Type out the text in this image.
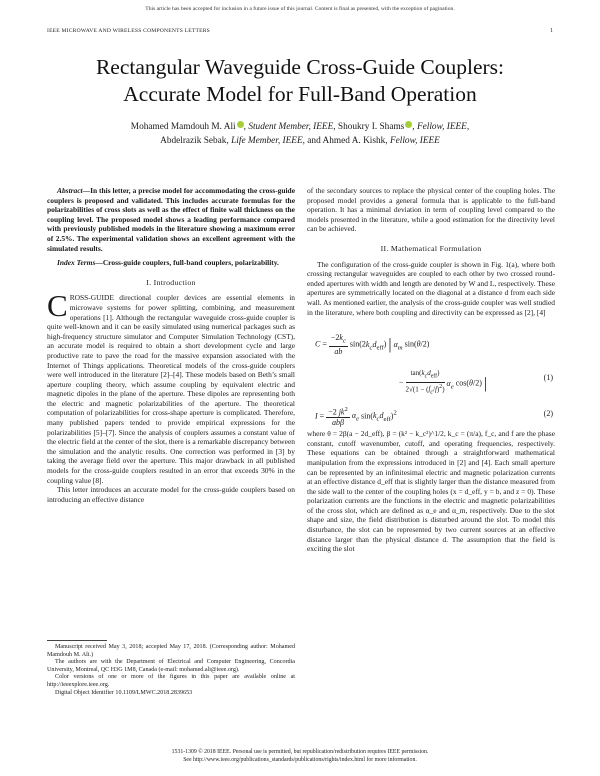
This article has been accepted for inclusion in a future issue of this journal. Content is final as presented, with the exception of pagination.
IEEE MICROWAVE AND WIRELESS COMPONENTS LETTERS	1
Rectangular Waveguide Cross-Guide Couplers:
Accurate Model for Full-Band Operation
Mohamed Mamdouh M. Ali , Student Member, IEEE, Shoukry I. Shams , Fellow, IEEE,
Abdelrazik Sebak, Life Member, IEEE, and Ahmed A. Kishk, Fellow, IEEE

Abstract—In this letter, a precise model for accommodating the cross-guide couplers is proposed and validated. This includes accurate formulas for the polarizabilities of cross slots as well as the effect of finite wall thickness on the coupling level. The proposed model shows a leading performance compared with previously published models in the literature showing a maximum error of 2.5%. The experimental validation shows an excellent agreement with the simulated results.

Index Terms—Cross-guide couplers, full-band couplers, polarizability.

I. Introduction

CROSS-GUIDE directional coupler devices are essential elements in microwave systems for power splitting, combining, and measurement operations [1]. Although the rectangular waveguide cross-guide coupler is quite well-known and it can be easily simulated using numerical packages such as high-frequency structure simulator and Computer Simulation Technology (CST), an accurate model is required to obtain a short development cycle and large productive rate to pave the road for the massive expansion associated with the Internet of Things applications. Theoretical models of the cross-guide couplers were well introduced in the literature [2]–[4]. These models based on Beth’s small aperture coupling theory, which assume coupling by equivalent electric and magnetic dipoles in the plane of the aperture. These dipoles are representing both the electric and magnetic polarizabilities of the aperture. The theoretical computation of polarizabilities for cross-shape aperture is complicated. Therefore, many published papers tended to provide empirical expressions for the polarizabilities [5]–[7]. Since the analysis of couplers assumes a constant value of the electric field at the center of the slot, there is a remarkable discrepancy between the simulation and the analytic results. One correction was performed in [3] by taking the average field over the aperture. This major drawback in all published models for the cross-guide couplers resulted in an error that exceeds 30% in the coupling value [8].

This letter introduces an accurate model for the cross-guide couplers based on introducing an effective distance

Manuscript received May 3, 2018; accepted May 17, 2018. (Corresponding author: Mohamed Mamdouh M. Ali.)

The authors are with the Department of Electrical and Computer Engineering, Concordia University, Montreal, QC H3G 1M8, Canada (e-mail: mohamed.ali@ieee.org).

Color versions of one or more of the figures in this paper are available online at http://ieeexplore.ieee.org.

Digital Object Identifier 10.1109/LMWC.2018.2839653

of the secondary sources to replace the physical center of the coupling holes. The proposed model provides a general formula that is applicable to the full-band operation. It has a minimal deviation in term of coupling level compared to the models presented in the literature, while a good estimation for the directivity level can be achieved.

II. Mathematical Formulation

The configuration of the cross-guide coupler is shown in Fig. 1(a), where both crossing rectangular waveguides are coupled to each other by two crossed round-ended apertures with width and length are denoted by W and L, respectively. These apertures are symmetrically located on the diagonal at a distance d from each side wall. As mentioned earlier, the analysis of the cross-guide coupler was well studied in the literature, where both coupling and directivity can be expressed as [2], [4]

$C = \frac{-2k_c}{ab} \sin(2k_cd_{eff})$ | $\alpha_m$ sin(θ/2)
−
$\tan(k_cd_{eff})$
$2√(1 - (f_c/f)^2)$
$\alpha_e$ cos(θ/2) |	(1)
I = −2 $jk^2$
abβ
$\alpha_e$ $\sin(k_cd_{eff})^2$	(2)

where θ = 2β(a − 2d_eff), β = (k² − k_c²)^1/2, k_c = (π/a), f_c, and f are the phase constant, cutoff wavenumber, cutoff, and operating frequencies, respectively. These equations can be obtained through a straightforward mathematical manipulation from the expressions introduced in [2] and [4]. Each small aperture can be represented by an infinitesimal electric and magnetic polarization currents at an effective distance d_eff that is slightly larger than the distance measured from the side wall to the center of the coupling holes (x = d_eff, y = b, and z = 0). These polarization currents are the functions in the electric and magnetic polarizabilities of the cross slot, which are defined as α_e and α_m, respectively. Due to the slot shape and size, the field distribution is disturbed around the slot. To model this disturbance, the slot can be represented by two current sources at an effective distance larger than the physical distance d. The assumption that the field is exciting the slot

1531-1309 © 2018 IEEE. Personal use is permitted, but republication/redistribution requires IEEE permission.
See http://www.ieee.org/publications_standards/publications/rights/index.html for more information.
